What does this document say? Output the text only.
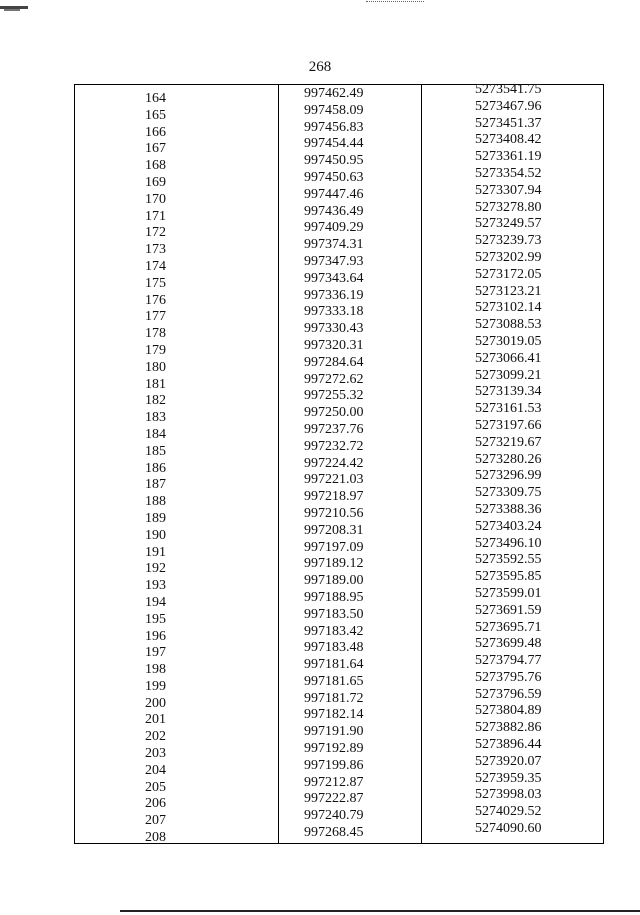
268
164	997462.49	5273541.75
165	997458.09	5273467.96
166	997456.83	5273451.37
167	997454.44	5273408.42
168	997450.95	5273361.19
169	997450.63	5273354.52
170	997447.46	5273307.94
171	997436.49	5273278.80
172	997409.29	5273249.57
173	997374.31	5273239.73
174	997347.93	5273202.99
175	997343.64	5273172.05
176	997336.19	5273123.21
177	997333.18	5273102.14
178	997330.43	5273088.53
179	997320.31	5273019.05
180	997284.64	5273066.41
181	997272.62	5273099.21
182	997255.32	5273139.34
183	997250.00	5273161.53
184	997237.76	5273197.66
185	997232.72	5273219.67
186	997224.42	5273280.26
187	997221.03	5273296.99
188	997218.97	5273309.75
189	997210.56	5273388.36
190	997208.31	5273403.24
191	997197.09	5273496.10
192	997189.12	5273592.55
193	997189.00	5273595.85
194	997188.95	5273599.01
195	997183.50	5273691.59
196	997183.42	5273695.71
197	997183.48	5273699.48
198	997181.64	5273794.77
199	997181.65	5273795.76
200	997181.72	5273796.59
201	997182.14	5273804.89
202	997191.90	5273882.86
203	997192.89	5273896.44
204	997199.86	5273920.07
205	997212.87	5273959.35
206	997222.87	5273998.03
207	997240.79	5274029.52
208	997268.45	5274090.60
